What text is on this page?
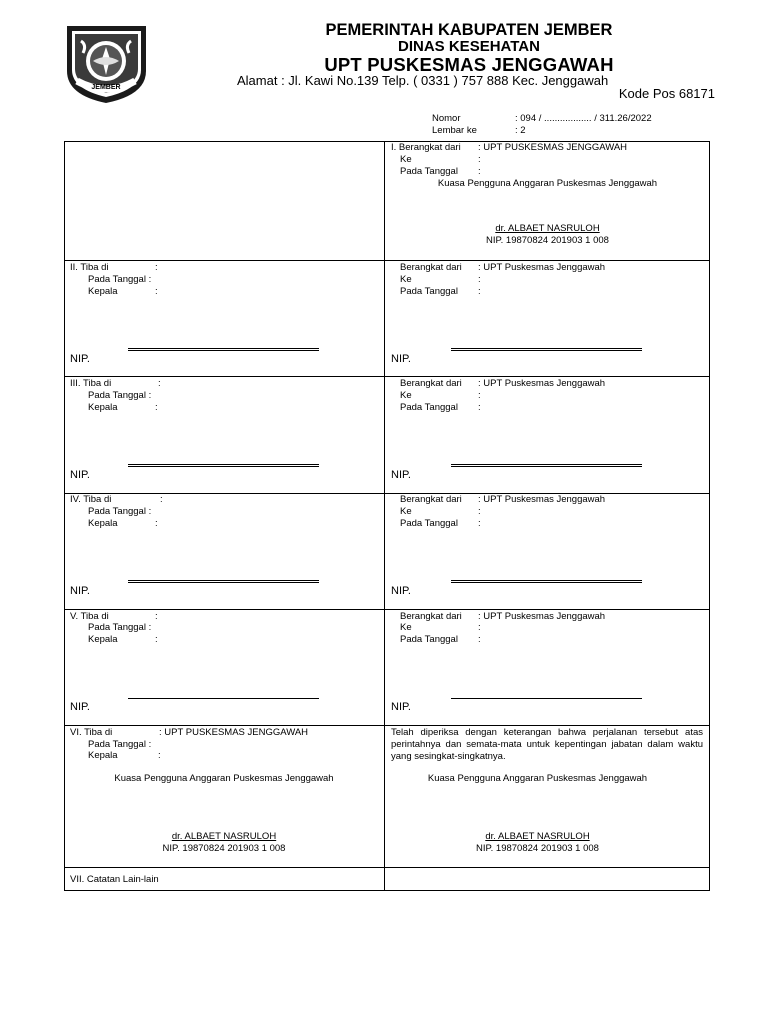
JEMBER
PEMERINTAH KABUPATEN JEMBER
DINAS KESEHATAN
UPT PUSKESMAS JENGGAWAH
Alamat : Jl. Kawi No.139 Telp. ( 0331 ) 757 888 Kec. Jenggawah
Kode Pos 68171
Nomor	: 094 / .................. / 311.26/2022
Lembar ke	: 2
I. Berangkat dari : UPT PUSKESMAS JENGGAWAH
Ke	:
Pada Tanggal :
Kuasa Pengguna Anggaran Puskesmas Jenggawah
dr. ALBAET NASRULOH
NIP. 19870824 201903 1 008
II. Tiba di	:
Pada Tanggal :
Kepala	:
NIP.
Berangkat dari : UPT Puskesmas Jenggawah
Ke	:
Pada Tanggal :
NIP.
III. Tiba di	:
Pada Tanggal :
Kepala	:
NIP.
Berangkat dari : UPT Puskesmas Jenggawah
Ke	:
Pada Tanggal :
NIP.
IV. Tiba di	:
Pada Tanggal :
Kepala	:
NIP.
Berangkat dari : UPT Puskesmas Jenggawah
Ke	:
Pada Tanggal :
NIP.
V. Tiba di	:
Pada Tanggal :
Kepala	:
NIP.
Berangkat dari : UPT Puskesmas Jenggawah
Ke	:
Pada Tanggal :
NIP.
VI. Tiba di	: UPT PUSKESMAS JENGGAWAH
Pada Tanggal :
Kepala	:
Kuasa Pengguna Anggaran Puskesmas Jenggawah
dr. ALBAET NASRULOH
NIP. 19870824 201903 1 008
Telah diperiksa dengan keterangan bahwa perjalanan tersebut atas perintahnya dan semata-mata untuk kepentingan jabatan dalam waktu yang sesingkat-singkatnya.
Kuasa Pengguna Anggaran Puskesmas Jenggawah
dr. ALBAET NASRULOH
NIP. 19870824 201903 1 008
VII. Catatan Lain-lain
